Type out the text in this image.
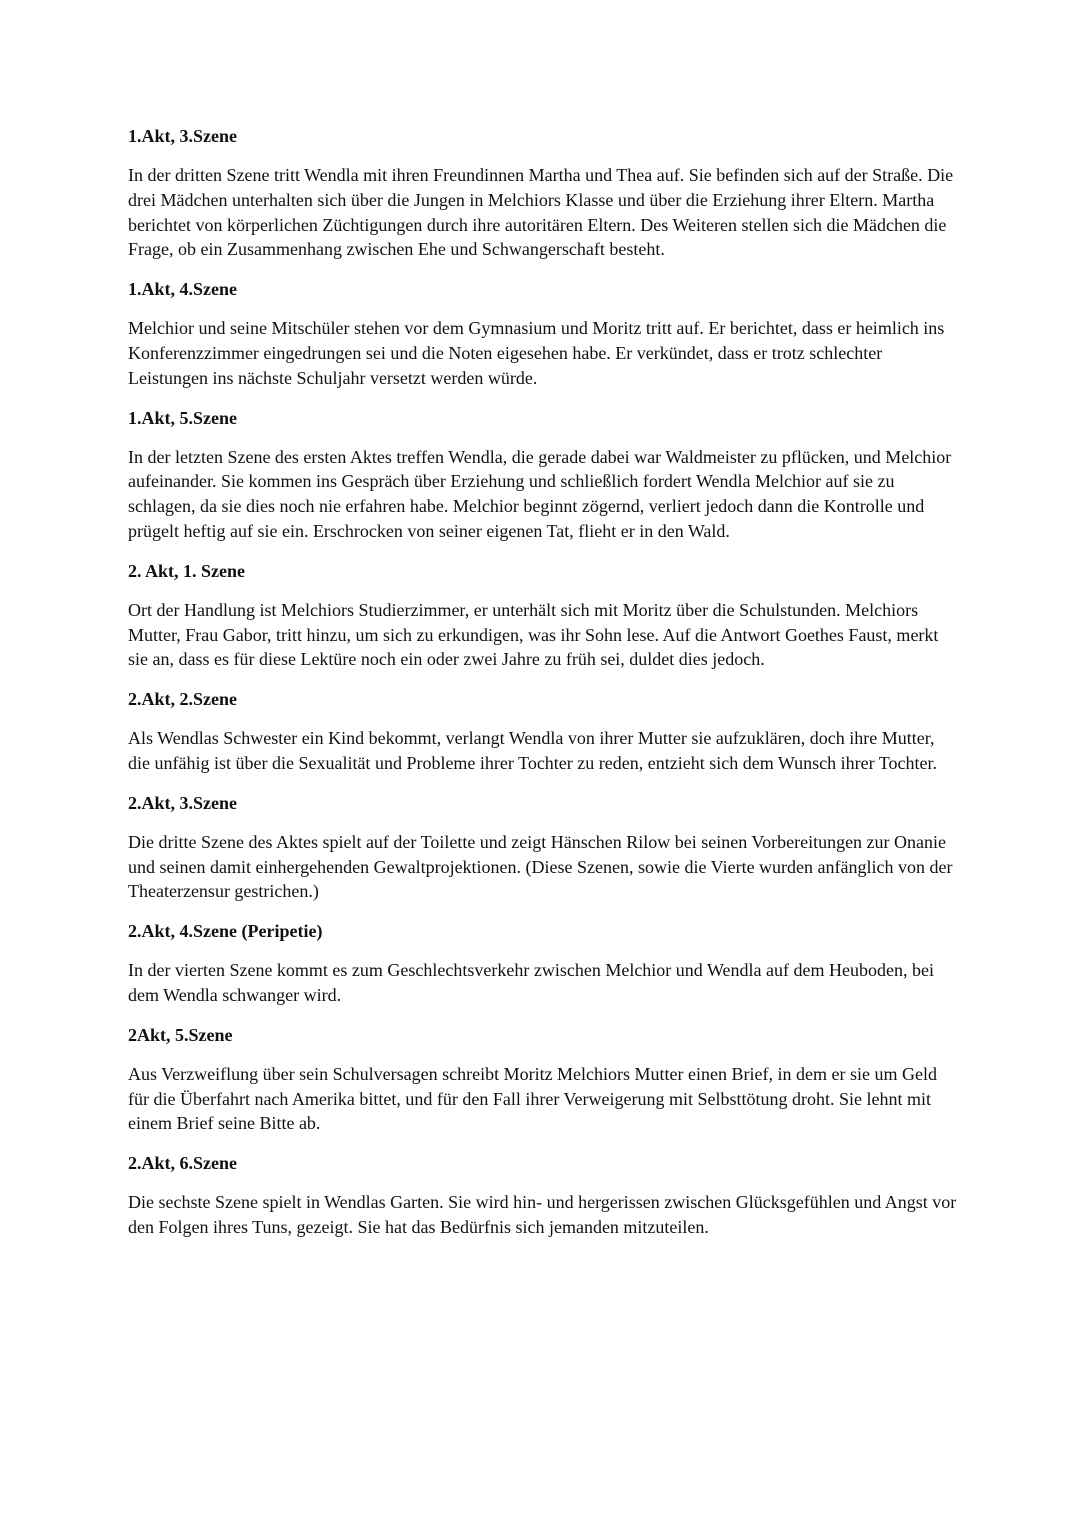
1.Akt, 3.Szene

In der dritten Szene tritt Wendla mit ihren Freundinnen Martha und Thea auf. Sie befinden sich auf der Straße. Die drei Mädchen unterhalten sich über die Jungen in Melchiors Klasse und über die Erziehung ihrer Eltern. Martha berichtet von körperlichen Züchtigungen durch ihre autoritären Eltern. Des Weiteren stellen sich die Mädchen die Frage, ob ein Zusammenhang zwischen Ehe und Schwangerschaft besteht.

1.Akt, 4.Szene

Melchior und seine Mitschüler stehen vor dem Gymnasium und Moritz tritt auf. Er berichtet, dass er heimlich ins Konferenzzimmer eingedrungen sei und die Noten eigesehen habe. Er verkündet, dass er trotz schlechter Leistungen ins nächste Schuljahr versetzt werden würde.

1.Akt, 5.Szene

In der letzten Szene des ersten Aktes treffen Wendla, die gerade dabei war Waldmeister zu pflücken, und Melchior aufeinander. Sie kommen ins Gespräch über Erziehung und schließlich fordert Wendla Melchior auf sie zu schlagen, da sie dies noch nie erfahren habe. Melchior beginnt zögernd, verliert jedoch dann die Kontrolle und prügelt heftig auf sie ein. Erschrocken von seiner eigenen Tat, flieht er in den Wald.

2. Akt, 1. Szene

Ort der Handlung ist Melchiors Studierzimmer, er unterhält sich mit Moritz über die Schulstunden. Melchiors Mutter, Frau Gabor, tritt hinzu, um sich zu erkundigen, was ihr Sohn lese. Auf die Antwort Goethes Faust, merkt sie an, dass es für diese Lektüre noch ein oder zwei Jahre zu früh sei, duldet dies jedoch.

2.Akt, 2.Szene

Als Wendlas Schwester ein Kind bekommt, verlangt Wendla von ihrer Mutter sie aufzuklären, doch ihre Mutter, die unfähig ist über die Sexualität und Probleme ihrer Tochter zu reden, entzieht sich dem Wunsch ihrer Tochter.

2.Akt, 3.Szene

Die dritte Szene des Aktes spielt auf der Toilette und zeigt Hänschen Rilow bei seinen Vorbereitungen zur Onanie und seinen damit einhergehenden Gewaltprojektionen. (Diese Szenen, sowie die Vierte wurden anfänglich von der Theaterzensur gestrichen.)

2.Akt, 4.Szene (Peripetie)

In der vierten Szene kommt es zum Geschlechtsverkehr zwischen Melchior und Wendla auf dem Heuboden, bei dem Wendla schwanger wird.

2Akt, 5.Szene

Aus Verzweiflung über sein Schulversagen schreibt Moritz Melchiors Mutter einen Brief, in dem er sie um Geld für die Überfahrt nach Amerika bittet, und für den Fall ihrer Verweigerung mit Selbsttötung droht. Sie lehnt mit einem Brief seine Bitte ab.

2.Akt, 6.Szene

Die sechste Szene spielt in Wendlas Garten. Sie wird hin- und hergerissen zwischen Glücksgefühlen und Angst vor den Folgen ihres Tuns, gezeigt. Sie hat das Bedürfnis sich jemanden mitzuteilen.
